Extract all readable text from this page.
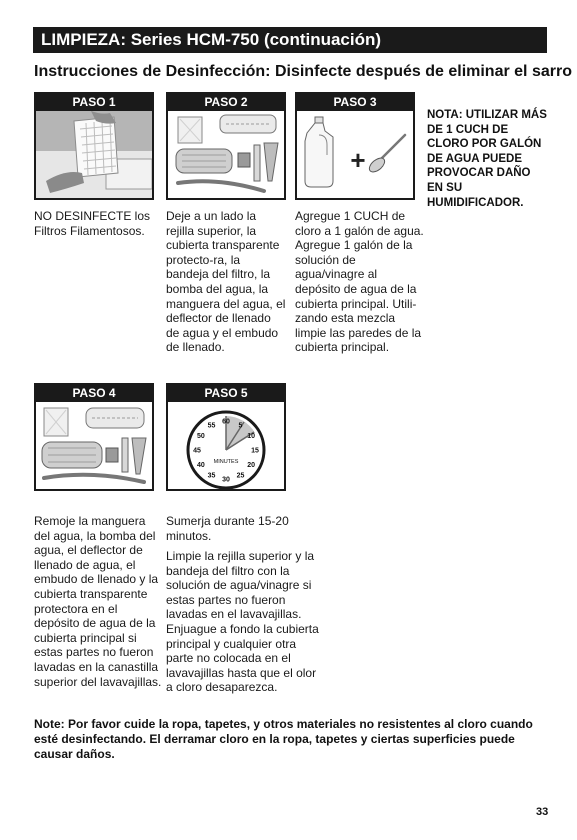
LIMPIEZA: Series HCM-750 (continuación)
Instrucciones de Desinfección: Disinfecte después de eliminar el sarro
PASO 1
NO DESINFECTE los Filtros Filamentosos.
PASO 2
Deje a un lado la rejilla superior, la cubierta transparente protecto-ra, la bandeja del filtro, la bomba del agua, la manguera del agua, el deflector de llenado de agua y el embudo de llenado.
PASO 3
+
Agregue 1 CUCH de cloro a 1 galón de agua. Agregue 1 galón de la solución de agua/vinagre al depósito de agua de la cubierta principal. Utili-zando esta mezcla limpie las paredes de la cubierta principal.
NOTA: UTILIZAR MÁS DE 1 CUCH DE CLORO POR GALÓN DE AGUA PUEDE PROVOCAR DAÑO EN SU HUMIDIFICADOR.
PASO 4
Remoje la manguera del agua, la bomba del agua, el deflector de llenado de agua, el embudo de llenado y la cubierta transparente protectora en el depósito de agua de la cubierta principal si estas partes no fueron lavadas en la canastilla superior del lavavajillas.
PASO 5
60
5
10
15
20
25
30
35
40
45
50
55
MINUTES
Sumerja durante 15-20 minutos.
Limpie la rejilla superior y la bandeja del filtro con la solución de agua/vinagre si estas partes no fueron lavadas en el lavavajillas. Enjuague a fondo la cubierta principal y cualquier otra parte no colocada en el lavavajillas hasta que el olor a cloro desaparezca.
Note: Por favor cuide la ropa, tapetes, y otros materiales no resistentes al cloro cuando esté desinfectando. El derramar cloro en la ropa, tapetes y ciertas superficies puede causar daños.
33
